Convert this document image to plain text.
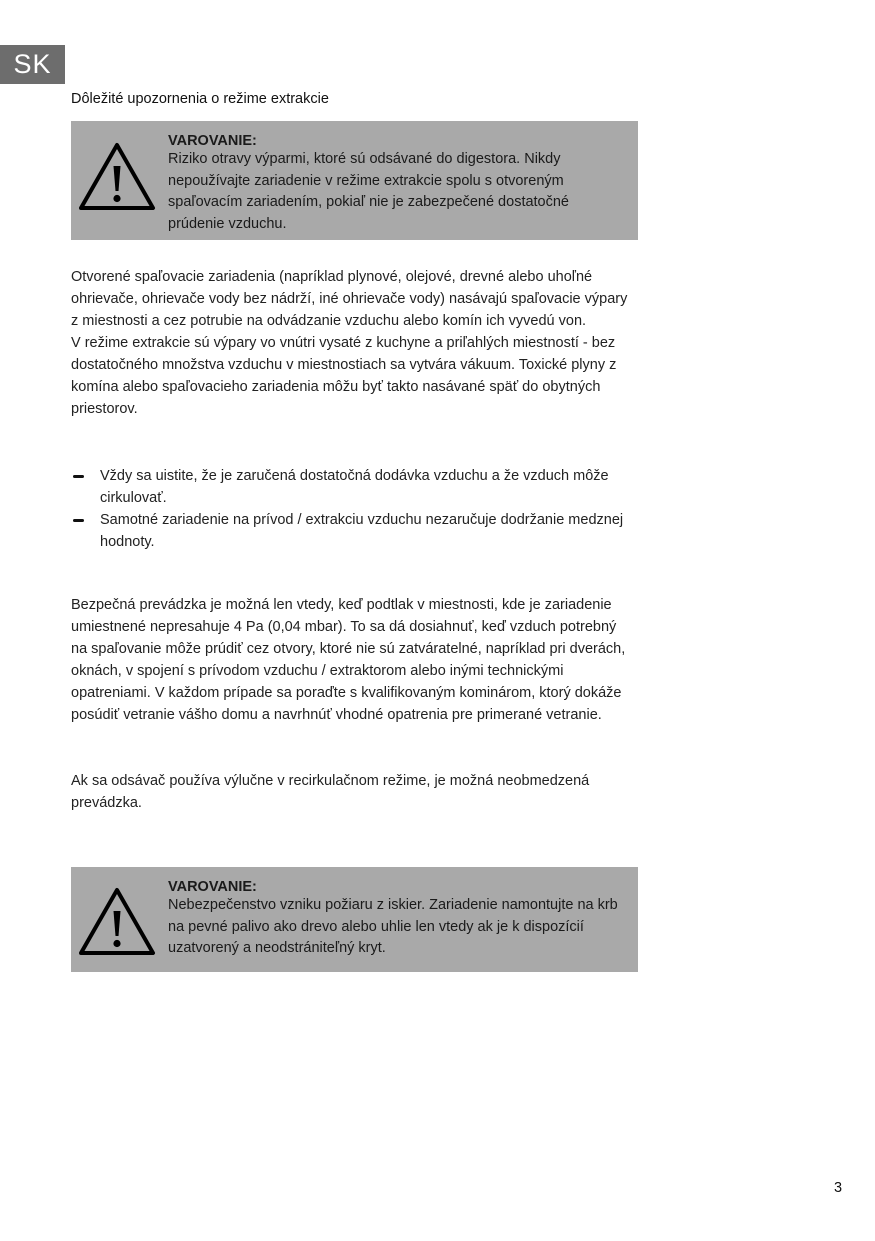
SK
Dôležité upozornenia o režime extrakcie
VAROVANIE:
Riziko otravy výparmi, ktoré sú odsávané do digestora. Nikdy nepoužívajte zariadenie v režime extrakcie spolu s otvoreným spaľovacím zariadením, pokiaľ nie je zabezpečené dostatočné prúdenie vzduchu.
Otvorené spaľovacie zariadenia (napríklad plynové, olejové, drevné alebo uhoľné ohrievače, ohrievače vody bez nádrží, iné ohrievače vody) nasávajú spaľovacie výpary z miestnosti a cez potrubie na odvádzanie vzduchu alebo komín ich vyvedú von.
V režime extrakcie sú výpary vo vnútri vysaté z kuchyne a priľahlých miestností - bez dostatočného množstva vzduchu v miestnostiach sa vytvára vákuum. Toxické plyny z komína alebo spaľovacieho zariadenia môžu byť takto nasávané späť do obytných priestorov.
Vždy sa uistite, že je zaručená dostatočná dodávka vzduchu a že vzduch môže cirkulovať.
Samotné zariadenie na prívod / extrakciu vzduchu nezaručuje dodržanie medznej hodnoty.
Bezpečná prevádzka je možná len vtedy, keď podtlak v miestnosti, kde je zariadenie umiestnené nepresahuje 4 Pa (0,04 mbar). To sa dá dosiahnuť, keď vzduch potrebný na spaľovanie môže prúdiť cez otvory, ktoré nie sú zatváratelné, napríklad pri dverách, oknách, v spojení s prívodom vzduchu / extraktorom alebo inými technickými opatreniami. V každom prípade sa poraďte s kvalifikovaným kominárom, ktorý dokáže posúdiť vetranie vášho domu a navrhnúť vhodné opatrenia pre primerané vetranie.
Ak sa odsávač používa výlučne v recirkulačnom režime, je možná neobmedzená prevádzka.
VAROVANIE:
Nebezpečenstvo vzniku požiaru z iskier. Zariadenie namontujte na krb na pevné palivo ako drevo alebo uhlie len vtedy ak je k dispozícií uzatvorený a neodstrániteľný kryt.
3
